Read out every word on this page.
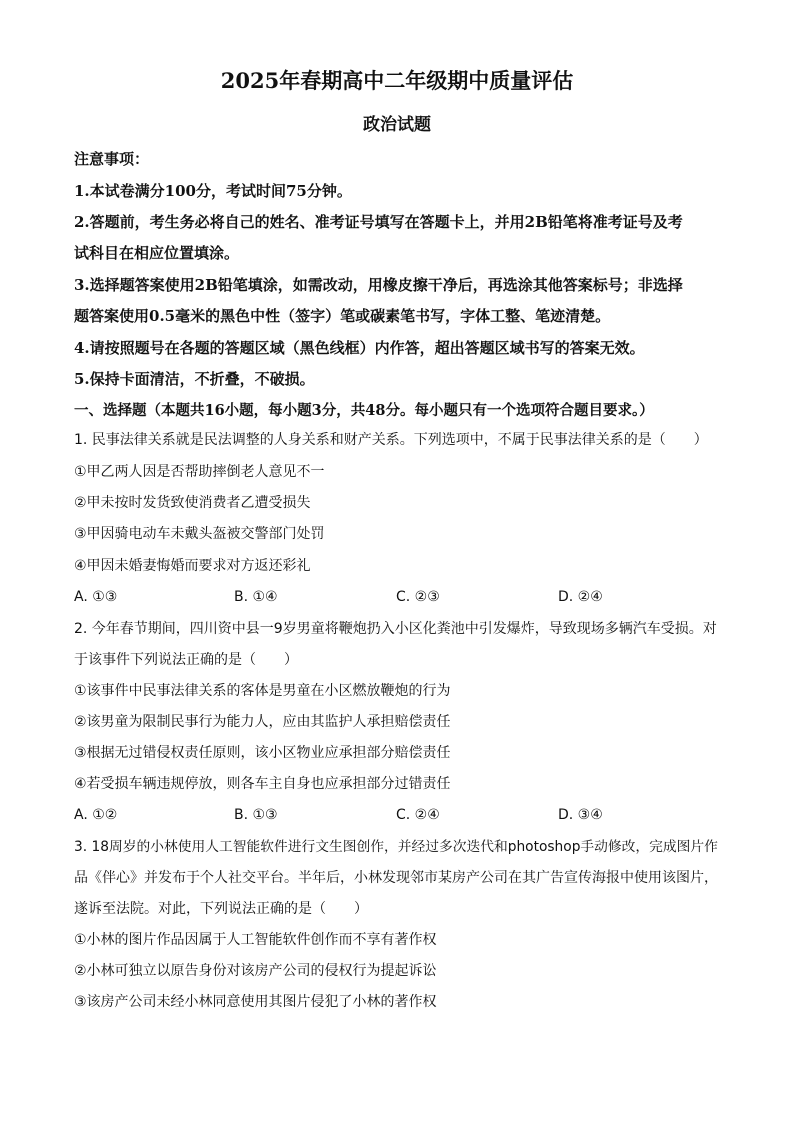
2025年春期高中二年级期中质量评估
政治试题
注意事项：
1.本试卷满分100分，考试时间75分钟。
2.答题前，考生务必将自己的姓名、准考证号填写在答题卡上，并用2B铅笔将准考证号及考
试科目在相应位置填涂。
3.选择题答案使用2B铅笔填涂，如需改动，用橡皮擦干净后，再选涂其他答案标号；非选择
题答案使用0.5毫米的黑色中性（签字）笔或碳素笔书写，字体工整、笔迹清楚。
4.请按照题号在各题的答题区域（黑色线框）内作答，超出答题区域书写的答案无效。
5.保持卡面清洁，不折叠，不破损。
一、选择题（本题共16小题，每小题3分，共48分。每小题只有一个选项符合题目要求。）
1. 民事法律关系就是民法调整的人身关系和财产关系。下列选项中，不属于民事法律关系的是（　　）
①甲乙两人因是否帮助摔倒老人意见不一
②甲未按时发货致使消费者乙遭受损失
③甲因骑电动车未戴头盔被交警部门处罚
④甲因未婚妻悔婚而要求对方返还彩礼
A. ①③	B. ①④	C. ②③	D. ②④
2. 今年春节期间，四川资中县一9岁男童将鞭炮扔入小区化粪池中引发爆炸，导致现场多辆汽车受损。对
于该事件下列说法正确的是（　　）
①该事件中民事法律关系的客体是男童在小区燃放鞭炮的行为
②该男童为限制民事行为能力人，应由其监护人承担赔偿责任
③根据无过错侵权责任原则，该小区物业应承担部分赔偿责任
④若受损车辆违规停放，则各车主自身也应承担部分过错责任
A. ①②	B. ①③	C. ②④	D. ③④
3. 18周岁的小林使用人工智能软件进行文生图创作，并经过多次迭代和photoshop手动修改，完成图片作
品《伴心》并发布于个人社交平台。半年后，小林发现邻市某房产公司在其广告宣传海报中使用该图片，
遂诉至法院。对此，下列说法正确的是（　　）
①小林的图片作品因属于人工智能软件创作而不享有著作权
②小林可独立以原告身份对该房产公司的侵权行为提起诉讼
③该房产公司未经小林同意使用其图片侵犯了小林的著作权
